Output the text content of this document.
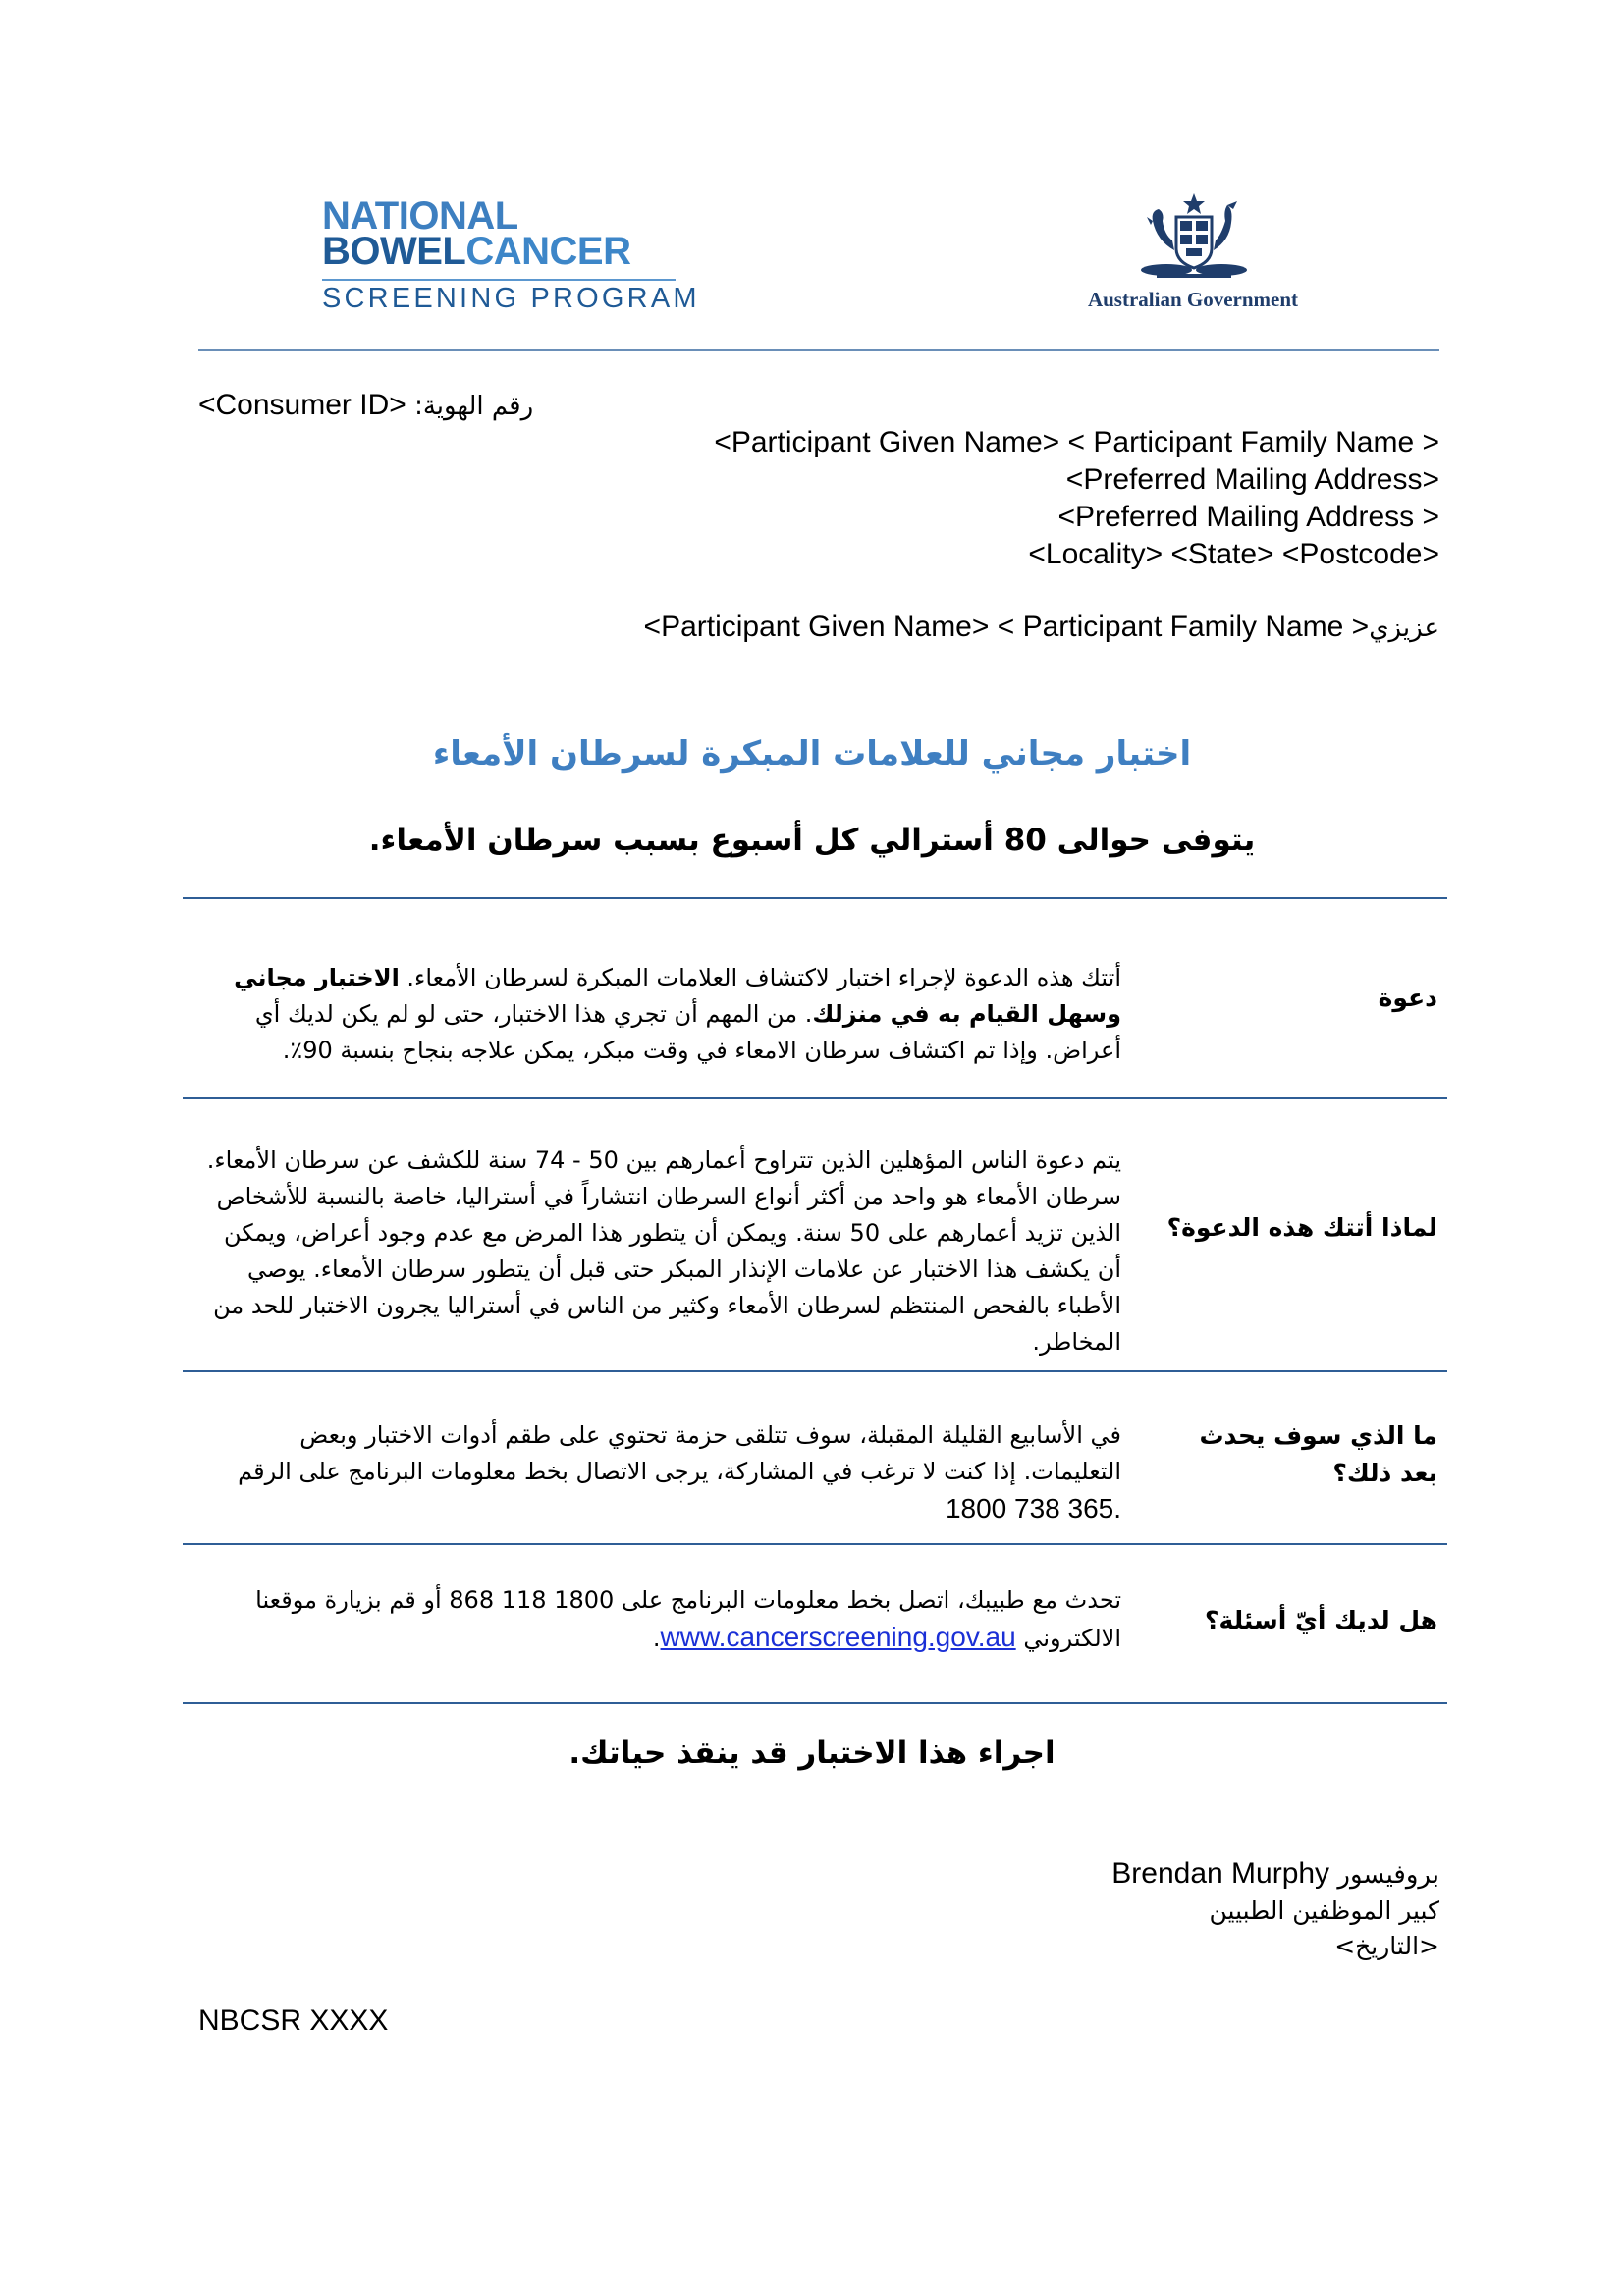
NATIONAL
BOWELCANCER
SCREENING PROGRAM	Australian Government
<Consumer ID> رقم الهوية:
<Participant Given Name> < Participant Family Name >
<Preferred Mailing Address>
<Preferred Mailing Address >
<Locality> <State> <Postcode>
<Participant Given Name> < Participant Family Name >عزيزي
اختبار مجاني للعلامات المبكرة لسرطان الأمعاء
يتوفى حوالى 80 أسترالي كل أسبوع بسبب سرطان الأمعاء.
دعوة
أتتك هذه الدعوة لإجراء اختبار لاكتشاف العلامات المبكرة لسرطان الأمعاء. الاختبار مجاني وسهل القيام به في منزلك. من المهم أن تجري هذا الاختبار، حتى لو لم يكن لديك أي أعراض. وإذا تم اكتشاف سرطان الامعاء في وقت مبكر، يمكن علاجه بنجاح بنسبة 90٪.
لماذا أتتك هذه الدعوة؟
يتم دعوة الناس المؤهلين الذين تتراوح أعمارهم بين 50 - 74 سنة للكشف عن سرطان الأمعاء. سرطان الأمعاء هو واحد من أكثر أنواع السرطان انتشاراً في أستراليا، خاصة بالنسبة للأشخاص الذين تزيد أعمارهم على 50 سنة. ويمكن أن يتطور هذا المرض مع عدم وجود أعراض، ويمكن أن يكشف هذا الاختبار عن علامات الإنذار المبكر حتى قبل أن يتطور سرطان الأمعاء. يوصي الأطباء بالفحص المنتظم لسرطان الأمعاء وكثير من الناس في أستراليا يجرون الاختبار للحد من المخاطر.
ما الذي سوف يحدث بعد ذلك؟
في الأسابيع القليلة المقبلة، سوف تتلقى حزمة تحتوي على طقم أدوات الاختبار وبعض التعليمات. إذا كنت لا ترغب في المشاركة، يرجى الاتصال بخط معلومات البرنامج على الرقم 1800 738 365.
هل لديك أيّ أسئلة؟
تحدث مع طبيبك، اتصل بخط معلومات البرنامج على 1800 118 868 أو قم بزيارة موقعنا الالكتروني www.cancerscreening.gov.au.
اجراء هذا الاختبار قد ينقذ حياتك.
Brendan Murphy بروفيسور
كبير الموظفين الطبيين
<التاريخ>
NBCSR XXXX
